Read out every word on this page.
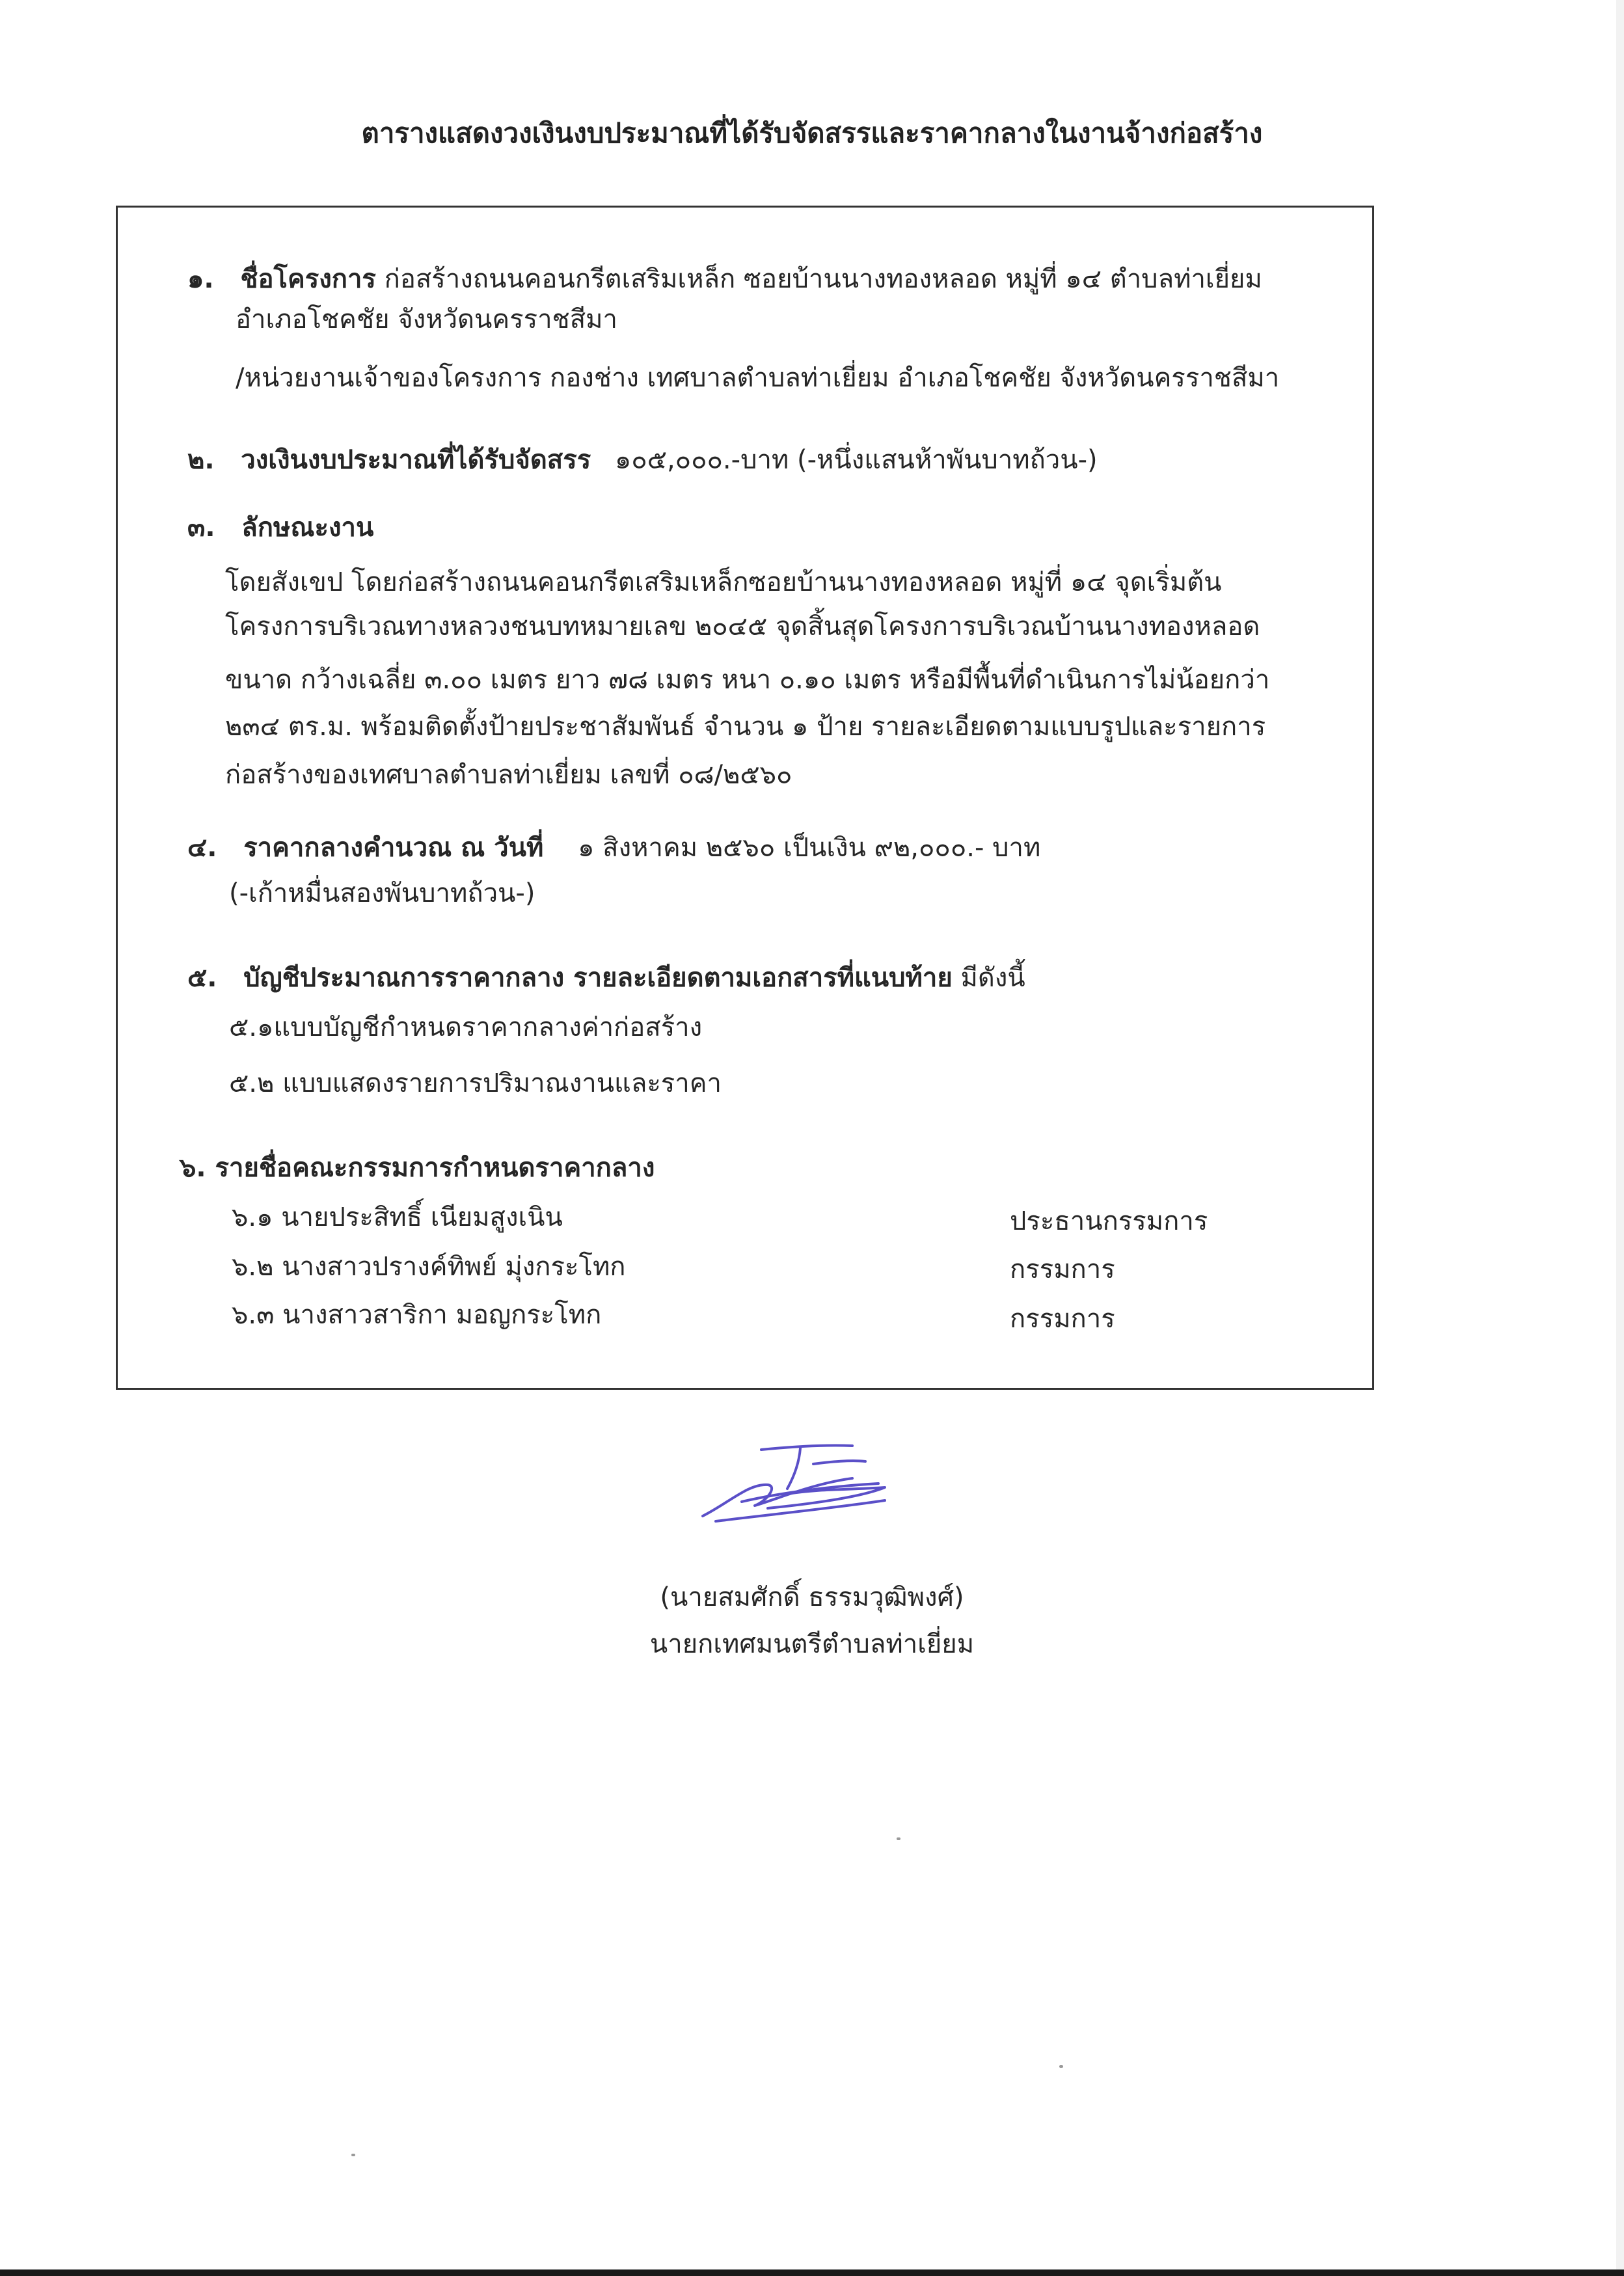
ตารางแสดงวงเงินงบประมาณที่ได้รับจัดสรรและราคากลางในงานจ้างก่อสร้าง
๑. ชื่อโครงการ ก่อสร้างถนนคอนกรีตเสริมเหล็ก ซอยบ้านนางทองหลอด หมู่ที่ ๑๔ ตำบลท่าเยี่ยม
อำเภอโชคชัย จังหวัดนครราชสีมา
/หน่วยงานเจ้าของโครงการ กองช่าง เทศบาลตำบลท่าเยี่ยม อำเภอโชคชัย จังหวัดนครราชสีมา
๒. วงเงินงบประมาณที่ได้รับจัดสรร ๑๐๕,๐๐๐.-บาท (-หนึ่งแสนห้าพันบาทถ้วน-)
๓. ลักษณะงาน
โดยสังเขป โดยก่อสร้างถนนคอนกรีตเสริมเหล็กซอยบ้านนางทองหลอด หมู่ที่ ๑๔ จุดเริ่มต้น
โครงการบริเวณทางหลวงชนบทหมายเลข ๒๐๔๕ จุดสิ้นสุดโครงการบริเวณบ้านนางทองหลอด
ขนาด กว้างเฉลี่ย ๓.๐๐ เมตร ยาว ๗๘ เมตร หนา ๐.๑๐ เมตร หรือมีพื้นที่ดำเนินการไม่น้อยกว่า
๒๓๔ ตร.ม. พร้อมติดตั้งป้ายประชาสัมพันธ์ จำนวน ๑ ป้าย รายละเอียดตามแบบรูปและรายการ
ก่อสร้างของเทศบาลตำบลท่าเยี่ยม เลขที่ ๐๘/๒๕๖๐
๔. ราคากลางคำนวณ ณ วันที่ ๑ สิงหาคม ๒๕๖๐ เป็นเงิน ๙๒,๐๐๐.- บาท
(-เก้าหมื่นสองพันบาทถ้วน-)
๕. บัญชีประมาณการราคากลาง รายละเอียดตามเอกสารที่แนบท้าย มีดังนี้
๕.๑แบบบัญชีกำหนดราคากลางค่าก่อสร้าง
๕.๒ แบบแสดงรายการปริมาณงานและราคา
๖. รายชื่อคณะกรรมการกำหนดราคากลาง
๖.๑ นายประสิทธิ์ เนียมสูงเนิน	ประธานกรรมการ
๖.๒ นางสาวปรางค์ทิพย์ มุ่งกระโทก	กรรมการ
๖.๓ นางสาวสาริกา มอญกระโทก	กรรมการ
(นายสมศักดิ์ ธรรมวุฒิพงศ์)
นายกเทศมนตรีตำบลท่าเยี่ยม
